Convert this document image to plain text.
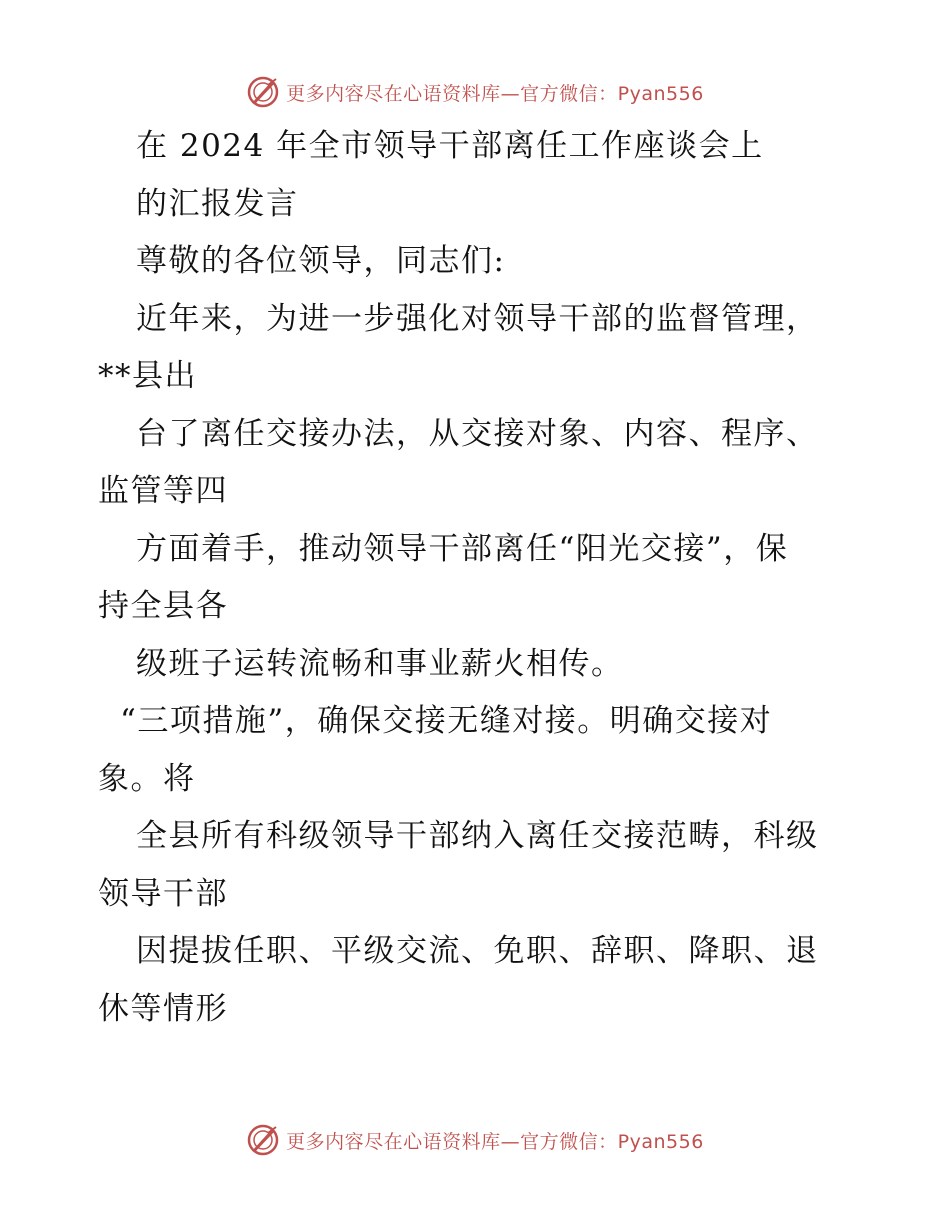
更多内容尽在心语资料库—官方微信：Pyan556
在 2024 年全市领导干部离任工作座谈会上
的汇报发言
尊敬的各位领导，同志们:
近年来，为进一步强化对领导干部的监督管理，
**县出
台了离任交接办法，从交接对象、内容、程序、
监管等四
方面着手，推动领导干部离任“阳光交接”，保
持全县各
级班子运转流畅和事业薪火相传。
“三项措施”，确保交接无缝对接。明确交接对
象。将
全县所有科级领导干部纳入离任交接范畴，科级
领导干部
因提拔任职、平级交流、免职、辞职、降职、退
休等情形
更多内容尽在心语资料库—官方微信：Pyan556
